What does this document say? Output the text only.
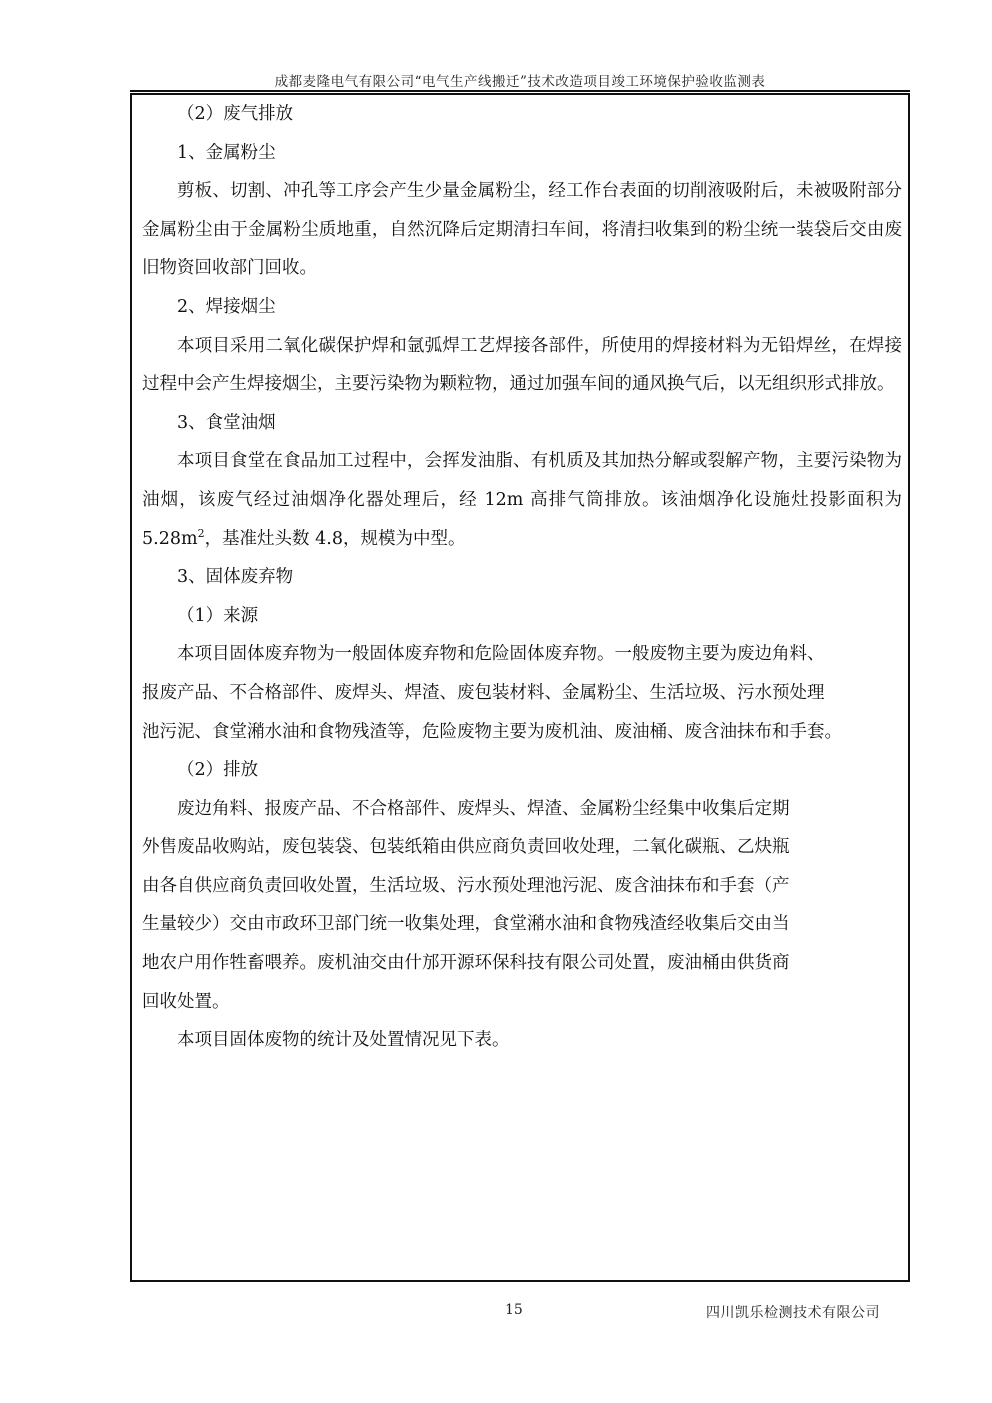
成都麦隆电气有限公司“电气生产线搬迁”技术改造项目竣工环境保护验收监测表

（2）废气排放

1、金属粉尘

剪板、切割、冲孔等工序会产生少量金属粉尘，经工作台表面的切削液吸附后，未被吸附部分金属粉尘由于金属粉尘质地重，自然沉降后定期清扫车间，将清扫收集到的粉尘统一装袋后交由废旧物资回收部门回收。

2、焊接烟尘

本项目采用二氧化碳保护焊和氩弧焊工艺焊接各部件，所使用的焊接材料为无铅焊丝，在焊接过程中会产生焊接烟尘，主要污染物为颗粒物，通过加强车间的通风换气后，以无组织形式排放。

3、食堂油烟

本项目食堂在食品加工过程中，会挥发油脂、有机质及其加热分解或裂解产物，主要污染物为油烟，该废气经过油烟净化器处理后，经 12m 高排气筒排放。该油烟净化设施灶投影面积为 $5.28m^2$，基准灶头数 4.8，规模为中型。

3、固体废弃物

（1）来源

本项目固体废弃物为一般固体废弃物和危险固体废弃物。一般废物主要为废边角料、

报废产品、不合格部件、废焊头、焊渣、废包装材料、金属粉尘、生活垃圾、污水预处理

池污泥、食堂潲水油和食物残渣等，危险废物主要为废机油、废油桶、废含油抹布和手套。

（2）排放

废边角料、报废产品、不合格部件、废焊头、焊渣、金属粉尘经集中收集后定期

外售废品收购站，废包装袋、包装纸箱由供应商负责回收处理，二氧化碳瓶、乙炔瓶

由各自供应商负责回收处置，生活垃圾、污水预处理池污泥、废含油抹布和手套（产

生量较少）交由市政环卫部门统一收集处理，食堂潲水油和食物残渣经收集后交由当

地农户用作牲畜喂养。废机油交由什邡开源环保科技有限公司处置，废油桶由供货商

回收处置。

本项目固体废物的统计及处置情况见下表。

15	四川凯乐检测技术有限公司
